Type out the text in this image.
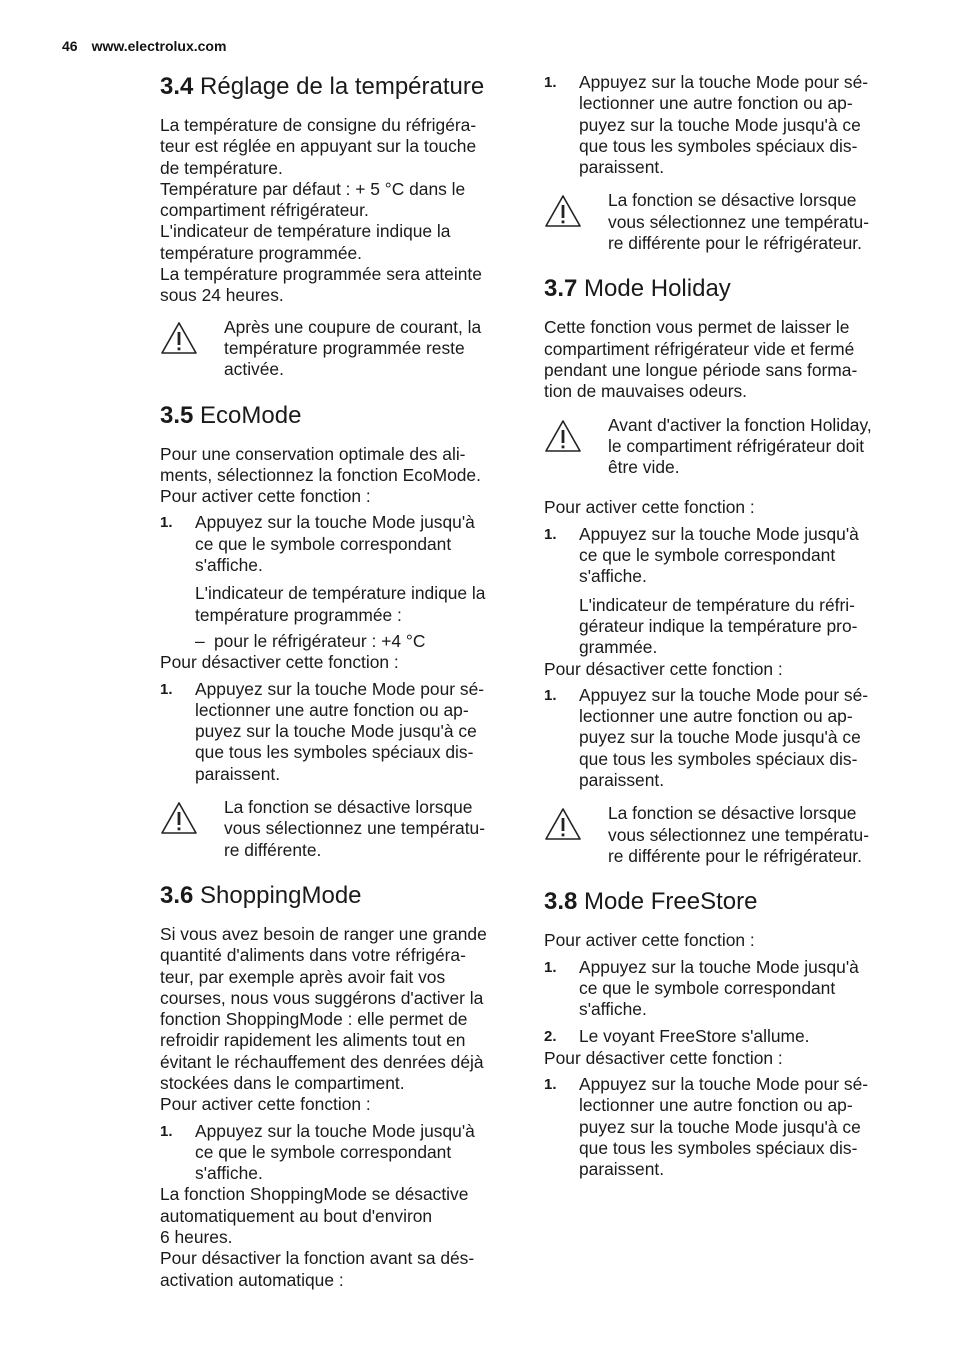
46 www.electrolux.com
3.4 Réglage de la température

La température de consigne du réfrigéra-
teur est réglée en appuyant sur la touche
de température.
Température par défaut : + 5 °C dans le
compartiment réfrigérateur.
L'indicateur de température indique la
température programmée.
La température programmée sera atteinte
sous 24 heures.

Après une coupure de courant, la
température programmée reste
activée.
3.5 EcoMode

Pour une conservation optimale des ali-
ments, sélectionnez la fonction EcoMode.
Pour activer cette fonction :

1. Appuyez sur la touche Mode jusqu'à
ce que le symbole correspondant
s'affiche.
L'indicateur de température indique la
température programmée :
– pour le réfrigérateur : +4 °C

Pour désactiver cette fonction :

1. Appuyez sur la touche Mode pour sé-
lectionner une autre fonction ou ap-
puyez sur la touche Mode jusqu'à ce
que tous les symboles spéciaux dis-
paraissent.
La fonction se désactive lorsque
vous sélectionnez une températu-
re différente.
3.6 ShoppingMode

Si vous avez besoin de ranger une grande
quantité d'aliments dans votre réfrigéra-
teur, par exemple après avoir fait vos
courses, nous vous suggérons d'activer la
fonction ShoppingMode : elle permet de
refroidir rapidement les aliments tout en
évitant le réchauffement des denrées déjà
stockées dans le compartiment.
Pour activer cette fonction :

1. Appuyez sur la touche Mode jusqu'à
ce que le symbole correspondant
s'affiche.

La fonction ShoppingMode se désactive
automatiquement au bout d'environ
6 heures.
Pour désactiver la fonction avant sa dés-
activation automatique :

1. Appuyez sur la touche Mode pour sé-
lectionner une autre fonction ou ap-
puyez sur la touche Mode jusqu'à ce
que tous les symboles spéciaux dis-
paraissent.
La fonction se désactive lorsque
vous sélectionnez une températu-
re différente pour le réfrigérateur.
3.7 Mode Holiday

Cette fonction vous permet de laisser le
compartiment réfrigérateur vide et fermé
pendant une longue période sans forma-
tion de mauvaises odeurs.

Avant d'activer la fonction Holiday,
le compartiment réfrigérateur doit
être vide.

Pour activer cette fonction :

1. Appuyez sur la touche Mode jusqu'à
ce que le symbole correspondant
s'affiche.
L'indicateur de température du réfri-
gérateur indique la température pro-
grammée.

Pour désactiver cette fonction :

1. Appuyez sur la touche Mode pour sé-
lectionner une autre fonction ou ap-
puyez sur la touche Mode jusqu'à ce
que tous les symboles spéciaux dis-
paraissent.
La fonction se désactive lorsque
vous sélectionnez une températu-
re différente pour le réfrigérateur.
3.8 Mode FreeStore

Pour activer cette fonction :

1. Appuyez sur la touche Mode jusqu'à
ce que le symbole correspondant
s'affiche.
2. Le voyant FreeStore s'allume.

Pour désactiver cette fonction :

1. Appuyez sur la touche Mode pour sé-
lectionner une autre fonction ou ap-
puyez sur la touche Mode jusqu'à ce
que tous les symboles spéciaux dis-
paraissent.
